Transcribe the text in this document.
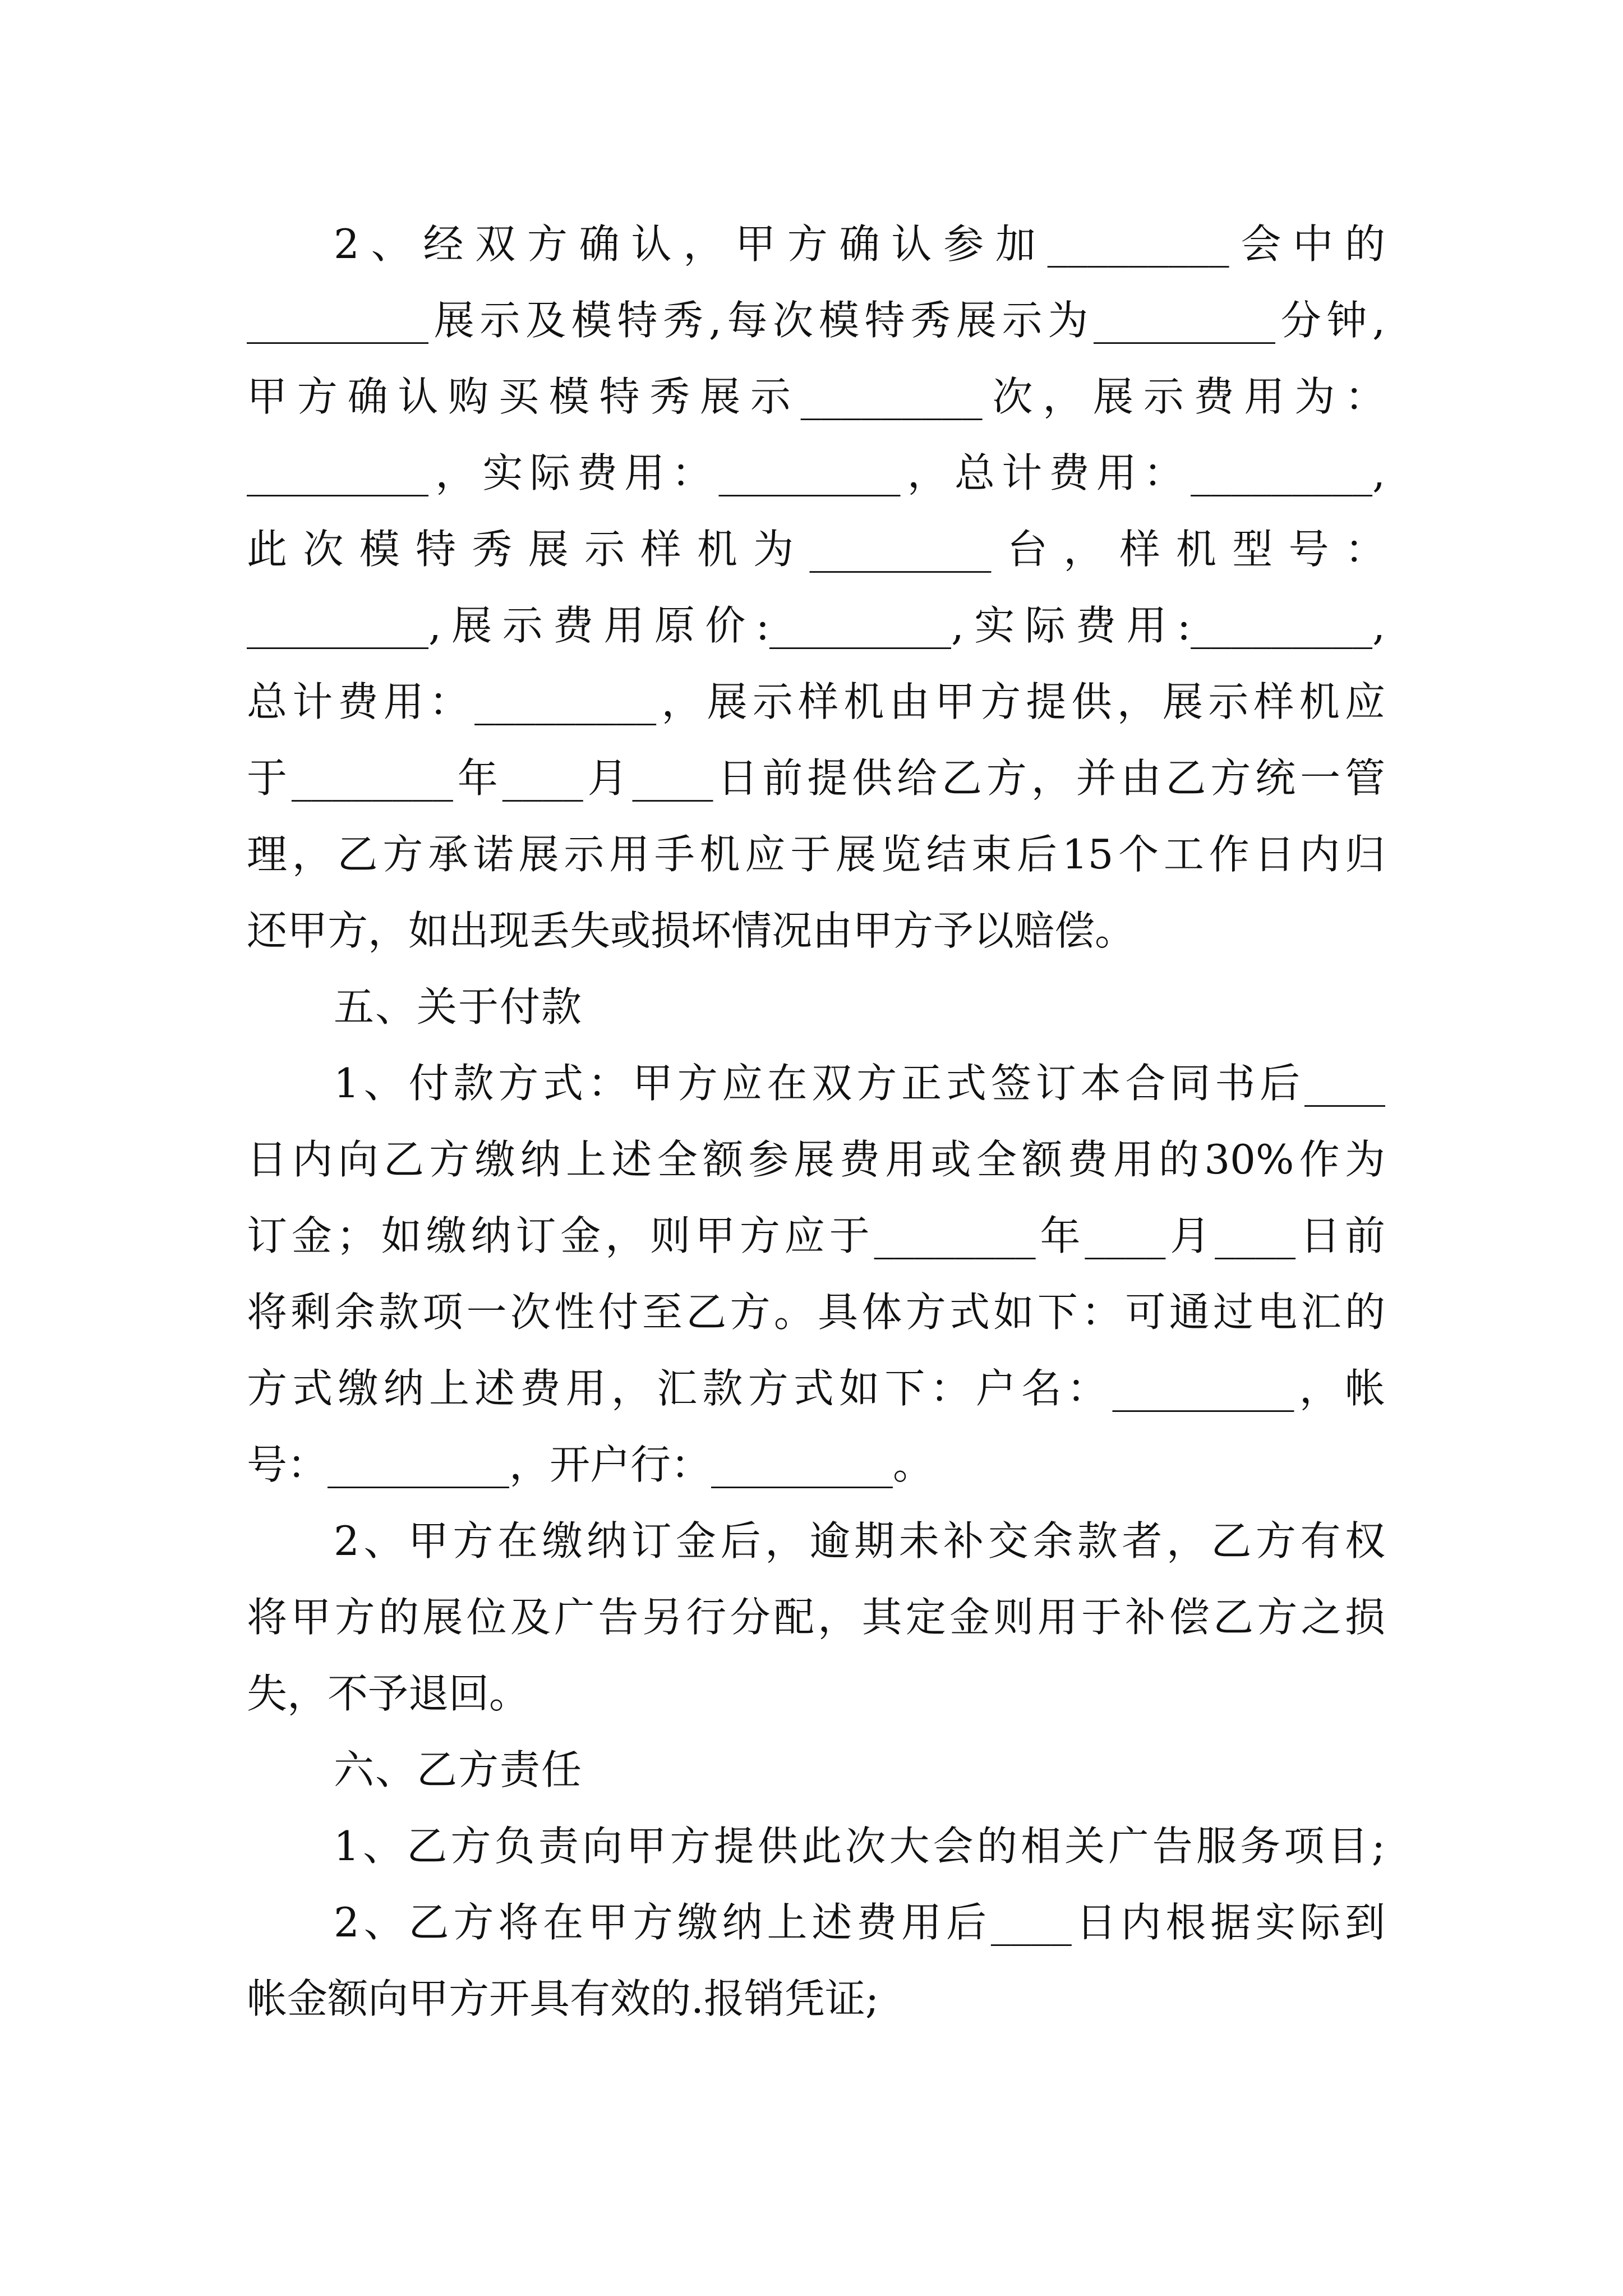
2、经双方确认，甲方确认参加_________会中的
_________展示及模特秀,每次模特秀展示为_________分钟,
甲方确认购买模特秀展示_________次，展示费用为：
_________，实际费用：_________，总计费用：_________,
此次模特秀展示样机为_________台，样机型号：
_________,展示费用原价:_________,实际费用:_________,
总计费用：_________，展示样机由甲方提供，展示样机应
于________年____月____日前提供给乙方，并由乙方统一管
理，乙方承诺展示用手机应于展览结束后15个工作日内归
还甲方，如出现丢失或损坏情况由甲方予以赔偿。
五、关于付款
1、付款方式：甲方应在双方正式签订本合同书后____
日内向乙方缴纳上述全额参展费用或全额费用的30%作为
订金；如缴纳订金，则甲方应于________年____月____日前
将剩余款项一次性付至乙方。具体方式如下：可通过电汇的
方式缴纳上述费用，汇款方式如下：户名：_________，帐
号：_________，开户行：_________。
2、甲方在缴纳订金后，逾期未补交余款者，乙方有权
将甲方的展位及广告另行分配，其定金则用于补偿乙方之损
失，不予退回。
六、乙方责任
1、乙方负责向甲方提供此次大会的相关广告服务项目;
2、乙方将在甲方缴纳上述费用后____日内根据实际到
帐金额向甲方开具有效的.报销凭证;
